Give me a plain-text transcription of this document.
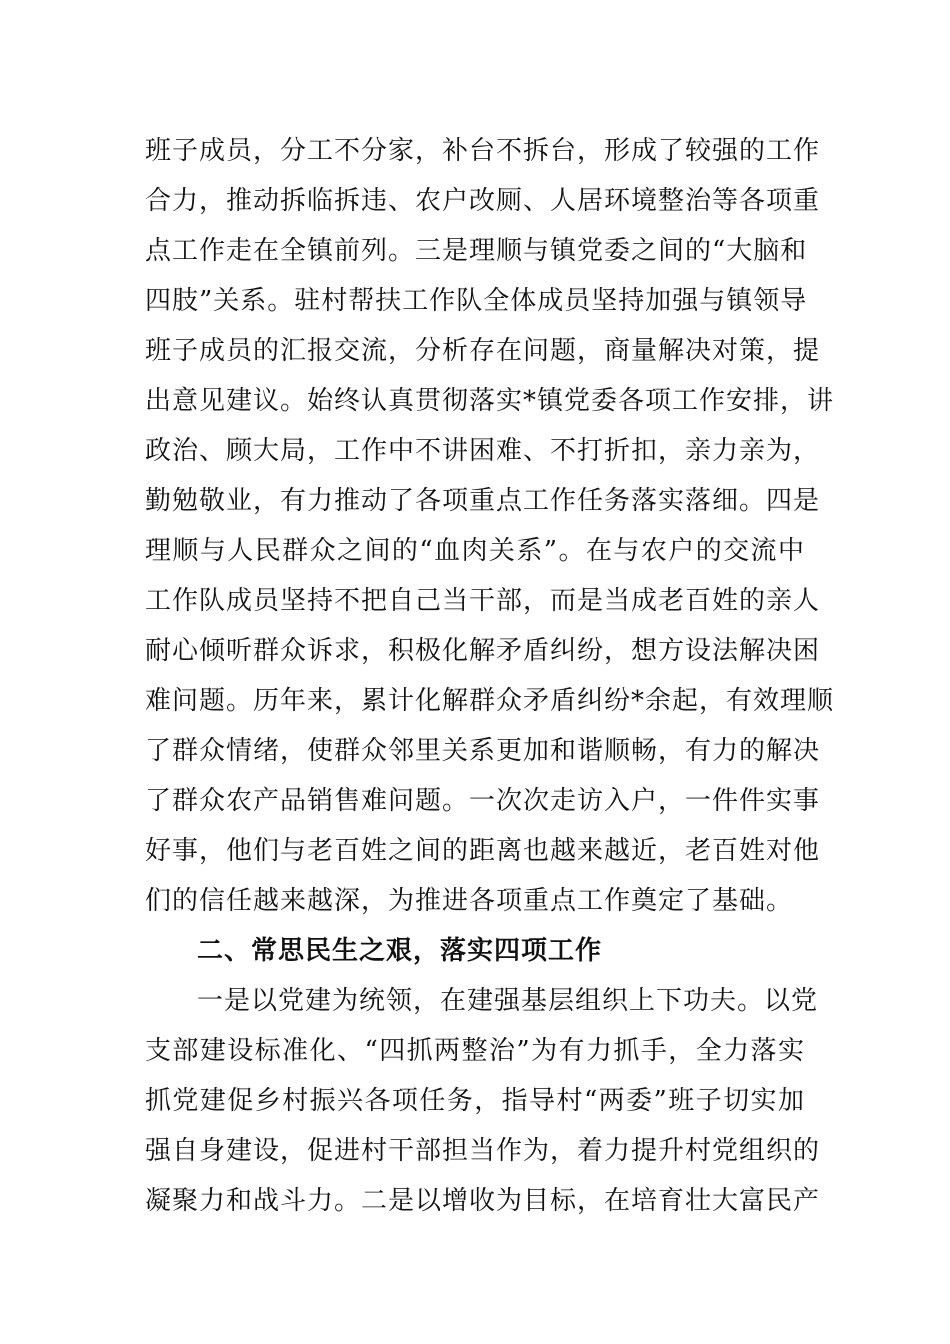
班子成员，分工不分家，补台不拆台，形成了较强的工作
合力，推动拆临拆违、农户改厕、人居环境整治等各项重
点工作走在全镇前列。三是理顺与镇党委之间的“大脑和
四肢”关系。驻村帮扶工作队全体成员坚持加强与镇领导
班子成员的汇报交流，分析存在问题，商量解决对策，提
出意见建议。始终认真贯彻落实*镇党委各项工作安排，讲
政治、顾大局，工作中不讲困难、不打折扣，亲力亲为，
勤勉敬业，有力推动了各项重点工作任务落实落细。四是
理顺与人民群众之间的“血肉关系”。在与农户的交流中
工作队成员坚持不把自己当干部，而是当成老百姓的亲人
耐心倾听群众诉求，积极化解矛盾纠纷，想方设法解决困
难问题。历年来，累计化解群众矛盾纠纷*余起，有效理顺
了群众情绪，使群众邻里关系更加和谐顺畅，有力的解决
了群众农产品销售难问题。一次次走访入户，一件件实事
好事，他们与老百姓之间的距离也越来越近，老百姓对他
们的信任越来越深，为推进各项重点工作奠定了基础。
二、常思民生之艰，落实四项工作
一是以党建为统领，在建强基层组织上下功夫。以党
支部建设标准化、“四抓两整治”为有力抓手，全力落实
抓党建促乡村振兴各项任务，指导村“两委”班子切实加
强自身建设，促进村干部担当作为，着力提升村党组织的
凝聚力和战斗力。二是以增收为目标，在培育壮大富民产
